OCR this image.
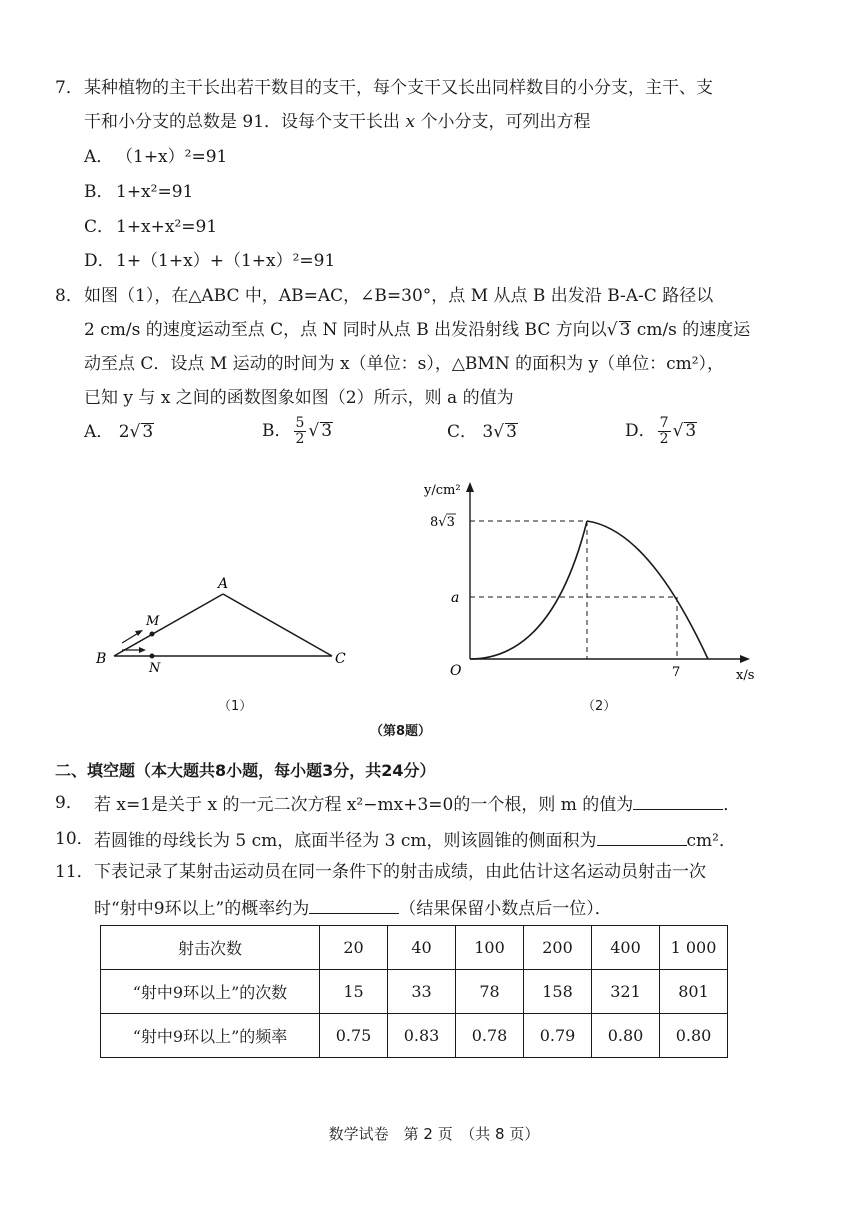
7． 某种植物的主干长出若干数目的支干，每个支干又长出同样数目的小分支，主干、支
干和小分支的总数是 91．设每个支干长出 x 个小分支，可列出方程
A． （1+x）²=91
B． 1+x²=91
C． 1+x+x²=91
D． 1+（1+x）+（1+x）²=91
8． 如图（1），在△ABC 中，AB=AC，∠B=30°，点 M 从点 B 出发沿 B-A-C 路径以
2 cm/s 的速度运动至点 C，点 N 同时从点 B 出发沿射线 BC 方向以√ 3 cm/s 的速度运
动至点 C．设点 M 运动的时间为 x（单位：s），△BMN 的面积为 y（单位：cm²），
已知 y 与 x 之间的函数图象如图（2）所示，则 a 的值为
A． 2√ 3	B． $\frac{5}{2}$ √ 3	C． 3√ 3	D． $\frac{7}{2}$ √ 3
A
B	C
M
N
（1）
y/cm²
x/s
O
8√3
a
7
（2）
（第8题）
二、填空题（本大题共8小题，每小题3分，共24分）
9． 若 x=1是关于 x 的一元二次方程 x²−mx+3=0的一个根，则 m 的值为	．
10． 若圆锥的母线长为 5 cm，底面半径为 3 cm，则该圆锥的侧面积为	cm²．
11． 下表记录了某射击运动员在同一条件下的射击成绩，由此估计这名运动员射击一次
时“射中9环以上”的概率约为	（结果保留小数点后一位）．
射击次数	20	40	100	200	400	1 000
“射中9环以上”的次数	15	33	78	158	321	801
“射中9环以上”的频率	0.75	0.83	0.78	0.79	0.80	0.80
数学试卷　第 2 页　（共 8 页）
